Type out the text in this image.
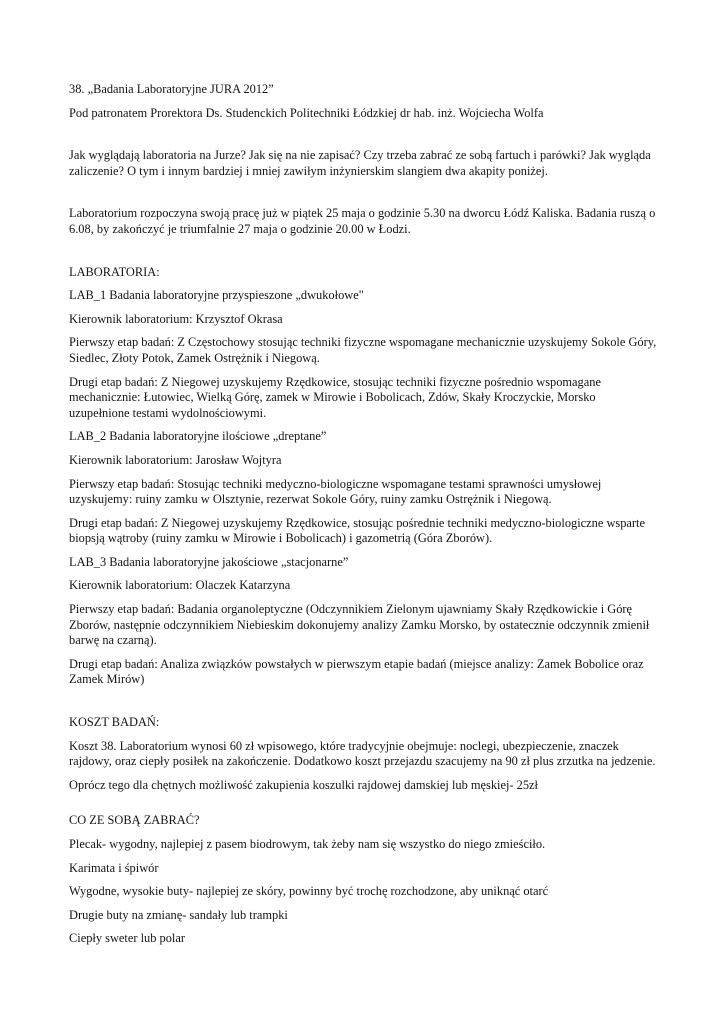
38. „Badania Laboratoryjne JURA 2012”

Pod patronatem Prorektora Ds. Studenckich Politechniki Łódzkiej dr hab. inż. Wojciecha Wolfa

Jak wyglądają laboratoria na Jurze? Jak się na nie zapisać? Czy trzeba zabrać ze sobą fartuch i parówki? Jak wygląda zaliczenie? O tym i innym bardziej i mniej zawiłym inżynierskim slangiem dwa akapity poniżej.

Laboratorium rozpoczyna swoją pracę już w piątek 25 maja o godzinie 5.30 na dworcu Łódź Kaliska. Badania ruszą o 6.08, by zakończyć je triumfalnie 27 maja o godzinie 20.00 w Łodzi.

LABORATORIA:

LAB_1 Badania laboratoryjne przyspieszone „dwukołowe"

Kierownik laboratorium: Krzysztof Okrasa

Pierwszy etap badań: Z Częstochowy stosując techniki fizyczne wspomagane mechanicznie uzyskujemy Sokole Góry, Siedlec, Złoty Potok, Zamek Ostrężnik i Niegową.

Drugi etap badań: Z Niegowej uzyskujemy Rzędkowice, stosując techniki fizyczne pośrednio wspomagane mechanicznie: Łutowiec, Wielką Górę, zamek w Mirowie i Bobolicach, Zdów, Skały Kroczyckie, Morsko uzupełnione testami wydolnościowymi.

LAB_2 Badania laboratoryjne ilościowe „dreptane”

Kierownik laboratorium: Jarosław Wojtyra

Pierwszy etap badań: Stosując techniki medyczno-biologiczne wspomagane testami sprawności umysłowej uzyskujemy: ruiny zamku w Olsztynie, rezerwat Sokole Góry, ruiny zamku Ostrężnik i Niegową.

Drugi etap badań: Z Niegowej uzyskujemy Rzędkowice, stosując pośrednie techniki medyczno-biologiczne wsparte biopsją wątroby (ruiny zamku w Mirowie i Bobolicach) i gazometrią (Góra Zborów).

LAB_3 Badania laboratoryjne jakościowe „stacjonarne”

Kierownik laboratorium: Olaczek Katarzyna

Pierwszy etap badań: Badania organoleptyczne (Odczynnikiem Zielonym ujawniamy Skały Rzędkowickie i Górę Zborów, następnie odczynnikiem Niebieskim dokonujemy analizy Zamku Morsko, by ostatecznie odczynnik zmienił barwę na czarną).

Drugi etap badań: Analiza związków powstałych w pierwszym etapie badań (miejsce analizy: Zamek Bobolice oraz Zamek Mirów)

KOSZT BADAŃ:

Koszt 38. Laboratorium wynosi 60 zł wpisowego, które tradycyjnie obejmuje: noclegi, ubezpieczenie, znaczek rajdowy, oraz ciepły posiłek na zakończenie. Dodatkowo koszt przejazdu szacujemy na 90 zł plus zrzutka na jedzenie.

Oprócz tego dla chętnych możliwość zakupienia koszulki rajdowej damskiej lub męskiej- 25zł

CO ZE SOBĄ ZABRAĆ?

Plecak- wygodny, najlepiej z pasem biodrowym, tak żeby nam się wszystko do niego zmieściło.

Karimata i śpiwór

Wygodne, wysokie buty- najlepiej ze skóry, powinny być trochę rozchodzone, aby uniknąć otarć

Drugie buty na zmianę- sandały lub trampki

Ciepły sweter lub polar
